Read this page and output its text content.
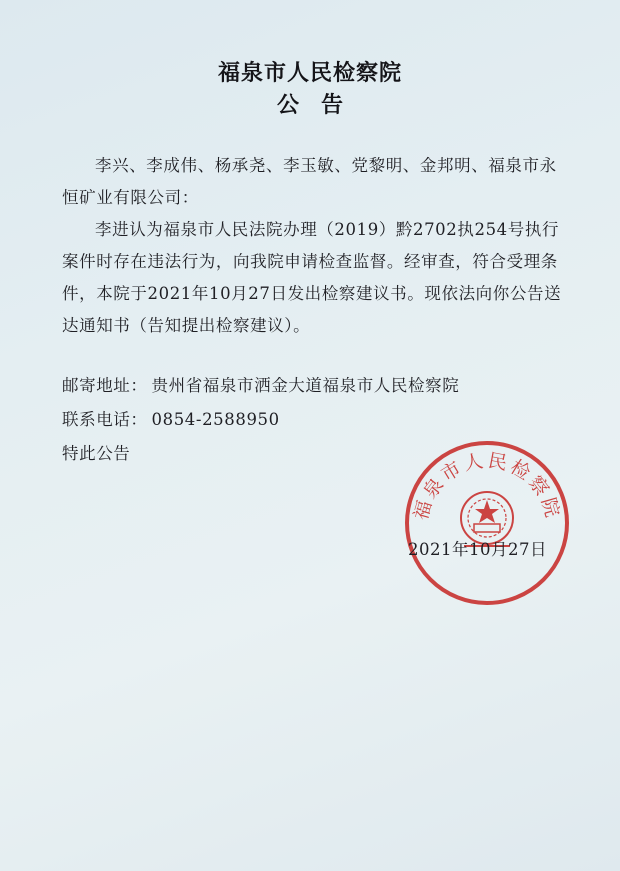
福泉市人民检察院
公告
李兴、李成伟、杨承尧、李玉敏、党黎明、金邦明、福泉市永恒矿业有限公司：
李进认为福泉市人民法院办理（2019）黔2702执254号执行案件时存在违法行为，向我院申请检查监督。经审查，符合受理条件，本院于2021年10月27日发出检察建议书。现依法向你公告送达通知书（告知提出检察建议）。
邮寄地址： 贵州省福泉市洒金大道福泉市人民检察院
联系电话： 0854-2588950
特此公告
福泉市人民检察院
2021年10月27日
